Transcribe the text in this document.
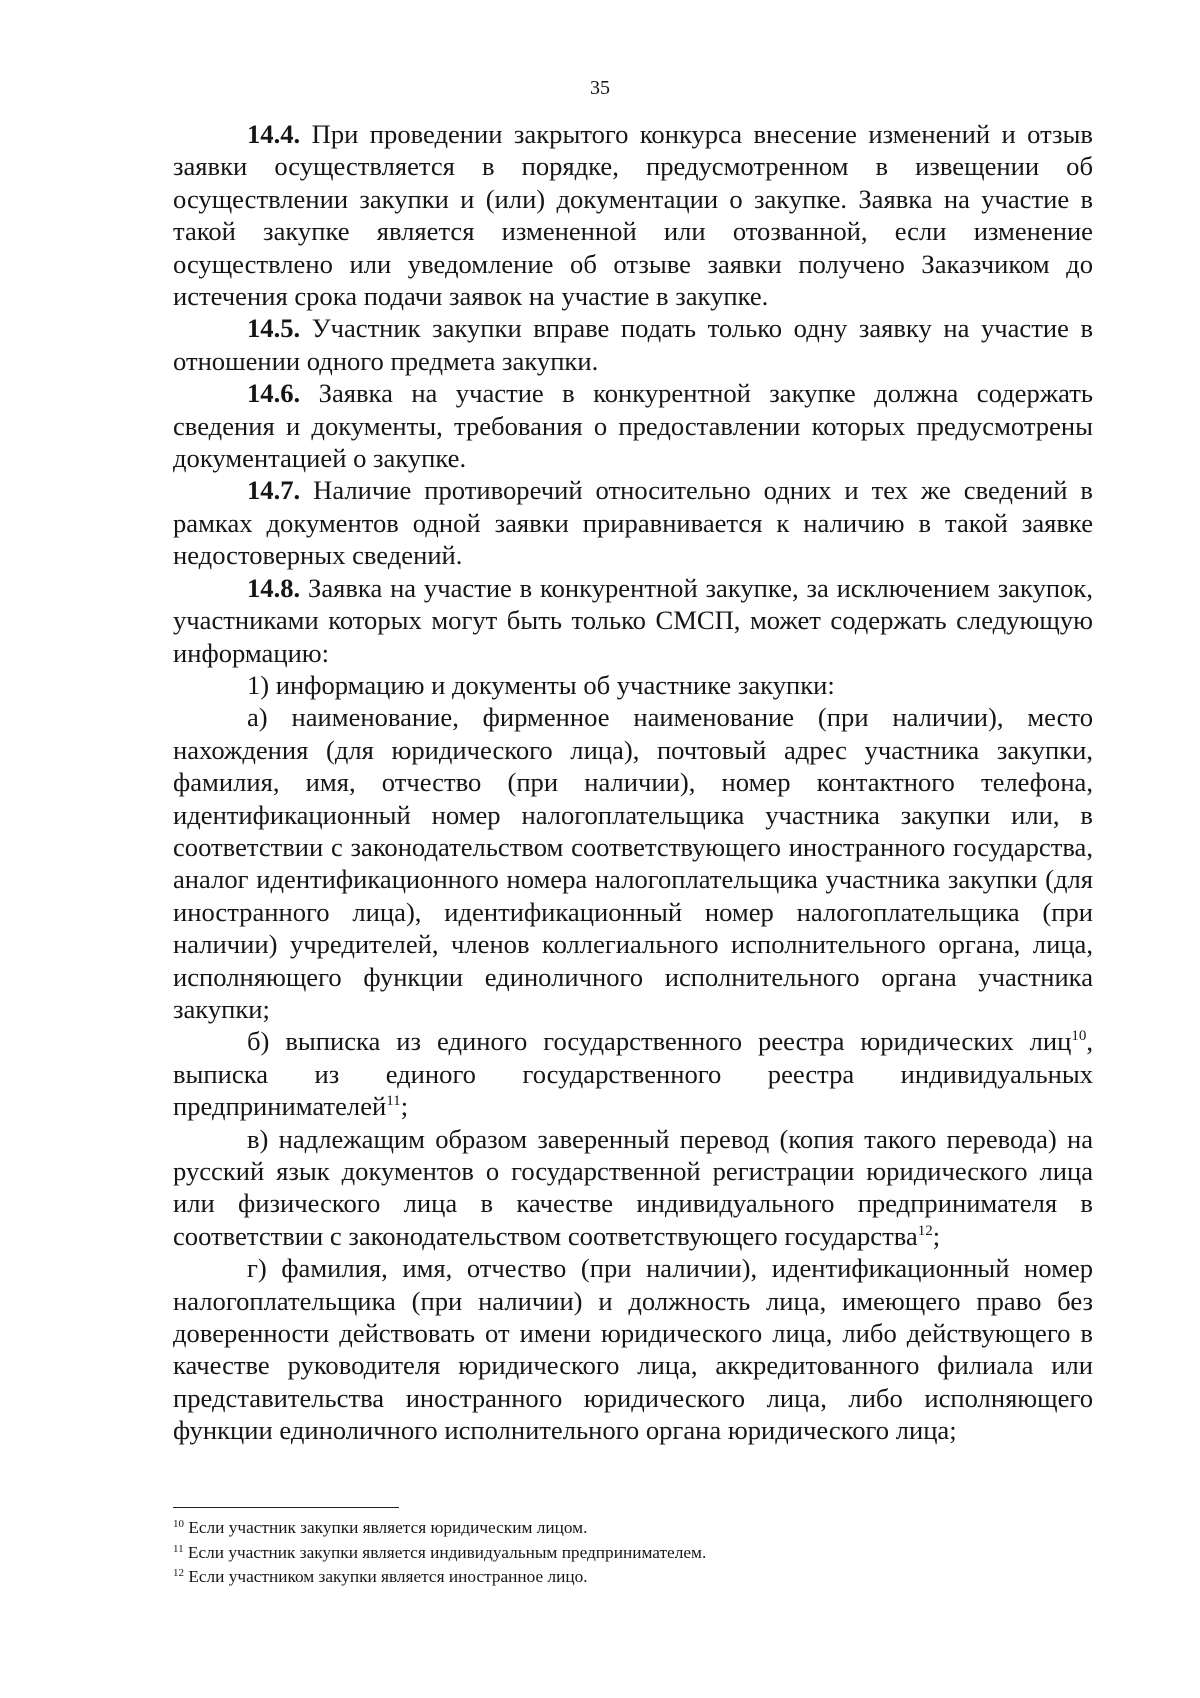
35

14.4. При проведении закрытого конкурса внесение изменений и отзыв заявки осуществляется в порядке, предусмотренном в извещении об осуществлении закупки и (или) документации о закупке. Заявка на участие в такой закупке является измененной или отозванной, если изменение осуществлено или уведомление об отзыве заявки получено Заказчиком до истечения срока подачи заявок на участие в закупке.

14.5. Участник закупки вправе подать только одну заявку на участие в отношении одного предмета закупки.

14.6. Заявка на участие в конкурентной закупке должна содержать сведения и документы, требования о предоставлении которых предусмотрены документацией о закупке.

14.7. Наличие противоречий относительно одних и тех же сведений в рамках документов одной заявки приравнивается к наличию в такой заявке недостоверных сведений.

14.8. Заявка на участие в конкурентной закупке, за исключением закупок, участниками которых могут быть только СМСП, может содержать следующую информацию:

1) информацию и документы об участнике закупки:

а) наименование, фирменное наименование (при наличии), место нахождения (для юридического лица), почтовый адрес участника закупки, фамилия, имя, отчество (при наличии), номер контактного телефона, идентификационный номер налогоплательщика участника закупки или, в соответствии с законодательством соответствующего иностранного государства, аналог идентификационного номера налогоплательщика участника закупки (для иностранного лица), идентификационный номер налогоплательщика (при наличии) учредителей, членов коллегиального исполнительного органа, лица, исполняющего функции единоличного исполнительного органа участника закупки;

б) выписка из единого государственного реестра юридических лиц$^{10}$, выписка из единого государственного реестра индивидуальных предпринимателей$^{11}$;

в) надлежащим образом заверенный перевод (копия такого перевода) на русский язык документов о государственной регистрации юридического лица или физического лица в качестве индивидуального предпринимателя в соответствии с законодательством соответствующего государства$^{12}$;

г) фамилия, имя, отчество (при наличии), идентификационный номер налогоплательщика (при наличии) и должность лица, имеющего право без доверенности действовать от имени юридического лица, либо действующего в качестве руководителя юридического лица, аккредитованного филиала или представительства иностранного юридического лица, либо исполняющего функции единоличного исполнительного органа юридического лица;

$^{10}$ Если участник закупки является юридическим лицом.

$^{11}$ Если участник закупки является индивидуальным предпринимателем.

$^{12}$ Если участником закупки является иностранное лицо.
